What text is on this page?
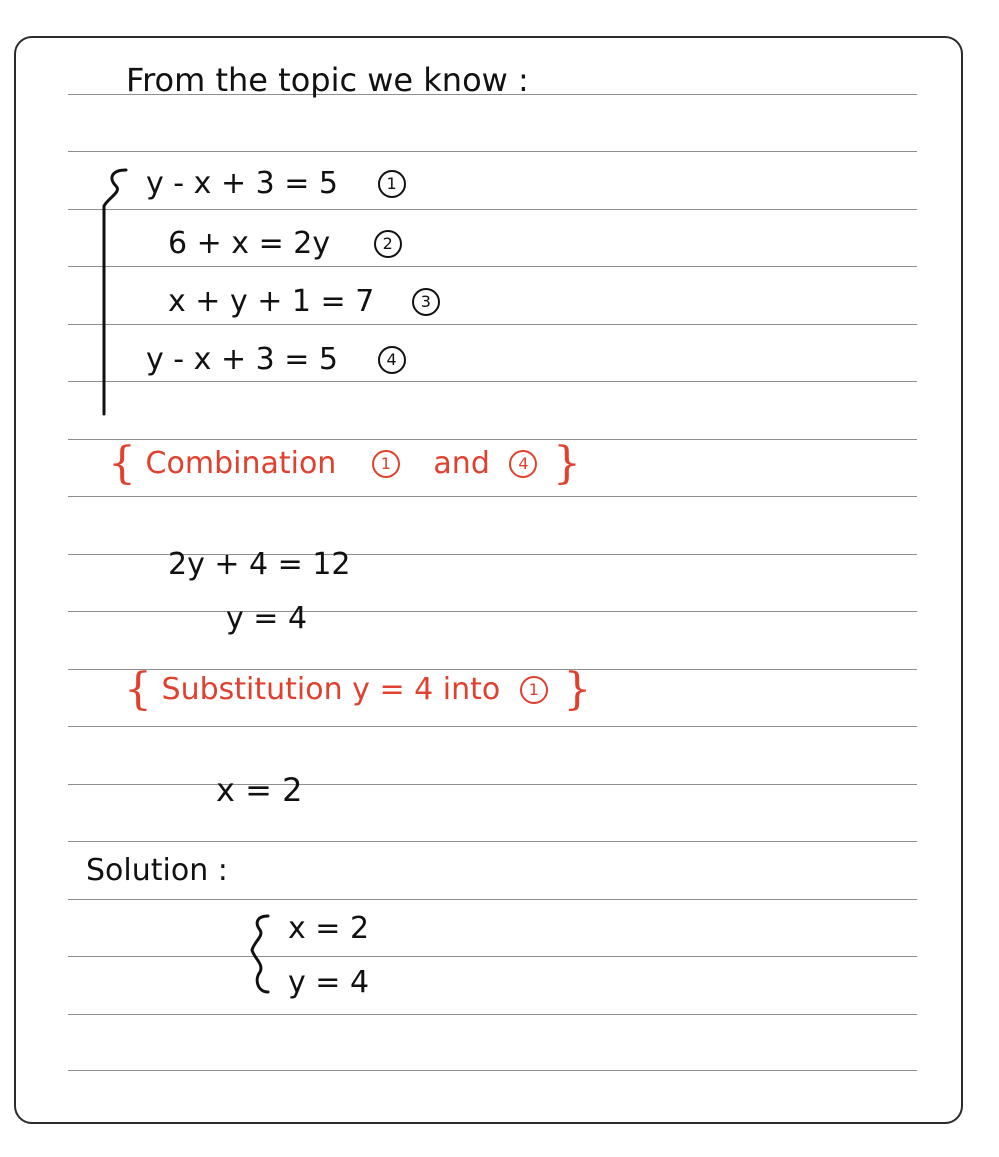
From the topic we know :
y - x + 3 = 5	1
6 + x = 2y	2
x + y + 1 = 7	3
y - x + 3 = 5	4
{ Combination	1 and 4 }
2y + 4 = 12
y = 4
{ Substitution y = 4 into 1 }
x = 2
Solution :
x = 2
y = 4
